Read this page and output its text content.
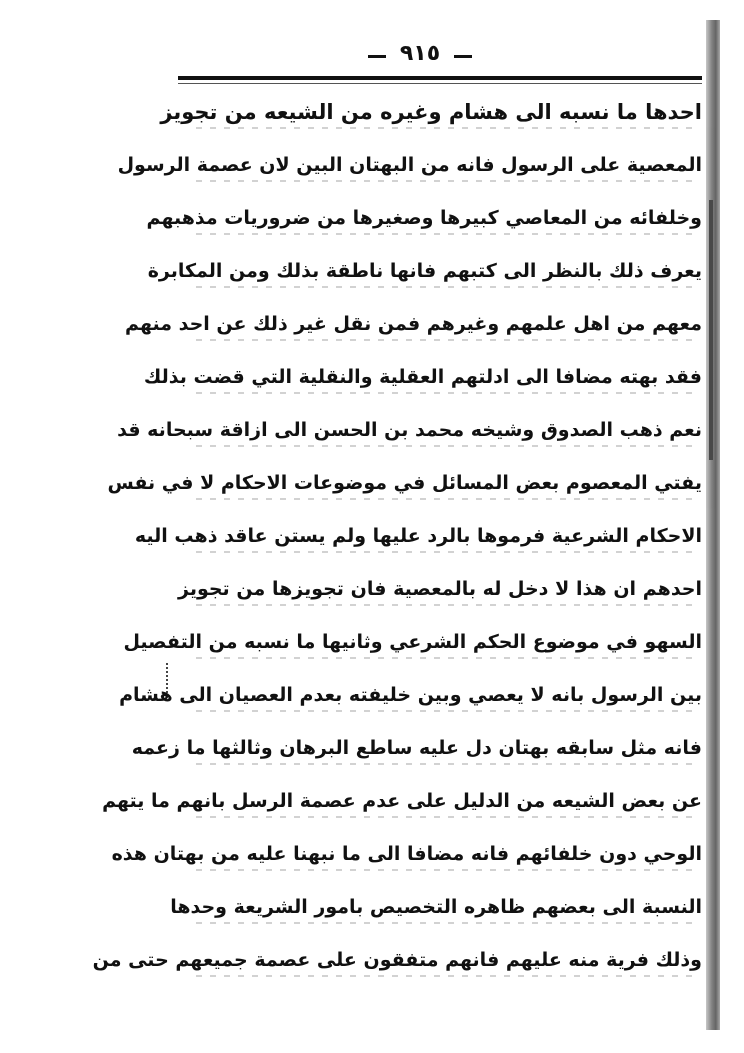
٩١٥
احدها ما نسبه الى هشام وغيره من الشيعه من تجويز
المعصية على الرسول فانه من البهتان البين لان عصمة الرسول
وخلفائه من المعاصي كبيرها وصغيرها من ضروريات مذهبهم
يعرف ذلك بالنظر الى كتبهم فانها ناطقة بذلك ومن المكابرة
معهم من اهل علمهم وغيرهم فمن نقل غير ذلك عن احد منهم
فقد بهته مضافا الى ادلتهم العقلية والنقلية التي قضت بذلك
نعم ذهب الصدوق وشيخه محمد بن الحسن الى ازاقة سبحانه قد
يفتي المعصوم بعض المسائل في موضوعات الاحكام لا في نفس
الاحكام الشرعية فرموها بالرد عليها ولم يستن عاقد ذهب اليه
احدهم ان هذا لا دخل له بالمعصية فان تجويزها من تجويز
السهو في موضوع الحكم الشرعي وثانيها ما نسبه من التفصيل
بين الرسول بانه لا يعصي وبين خليفته بعدم العصيان الى هشام
فانه مثل سابقه بهتان دل عليه ساطع البرهان وثالثها ما زعمه
عن بعض الشيعه من الدليل على عدم عصمة الرسل بانهم ما يتهم
الوحي دون خلفائهم فانه مضافا الى ما نبهنا عليه من بهتان هذه
النسبة الى بعضهم ظاهره التخصيص بامور الشريعة وحدها
وذلك فرية منه عليهم فانهم متفقون على عصمة جميعهم حتى من
